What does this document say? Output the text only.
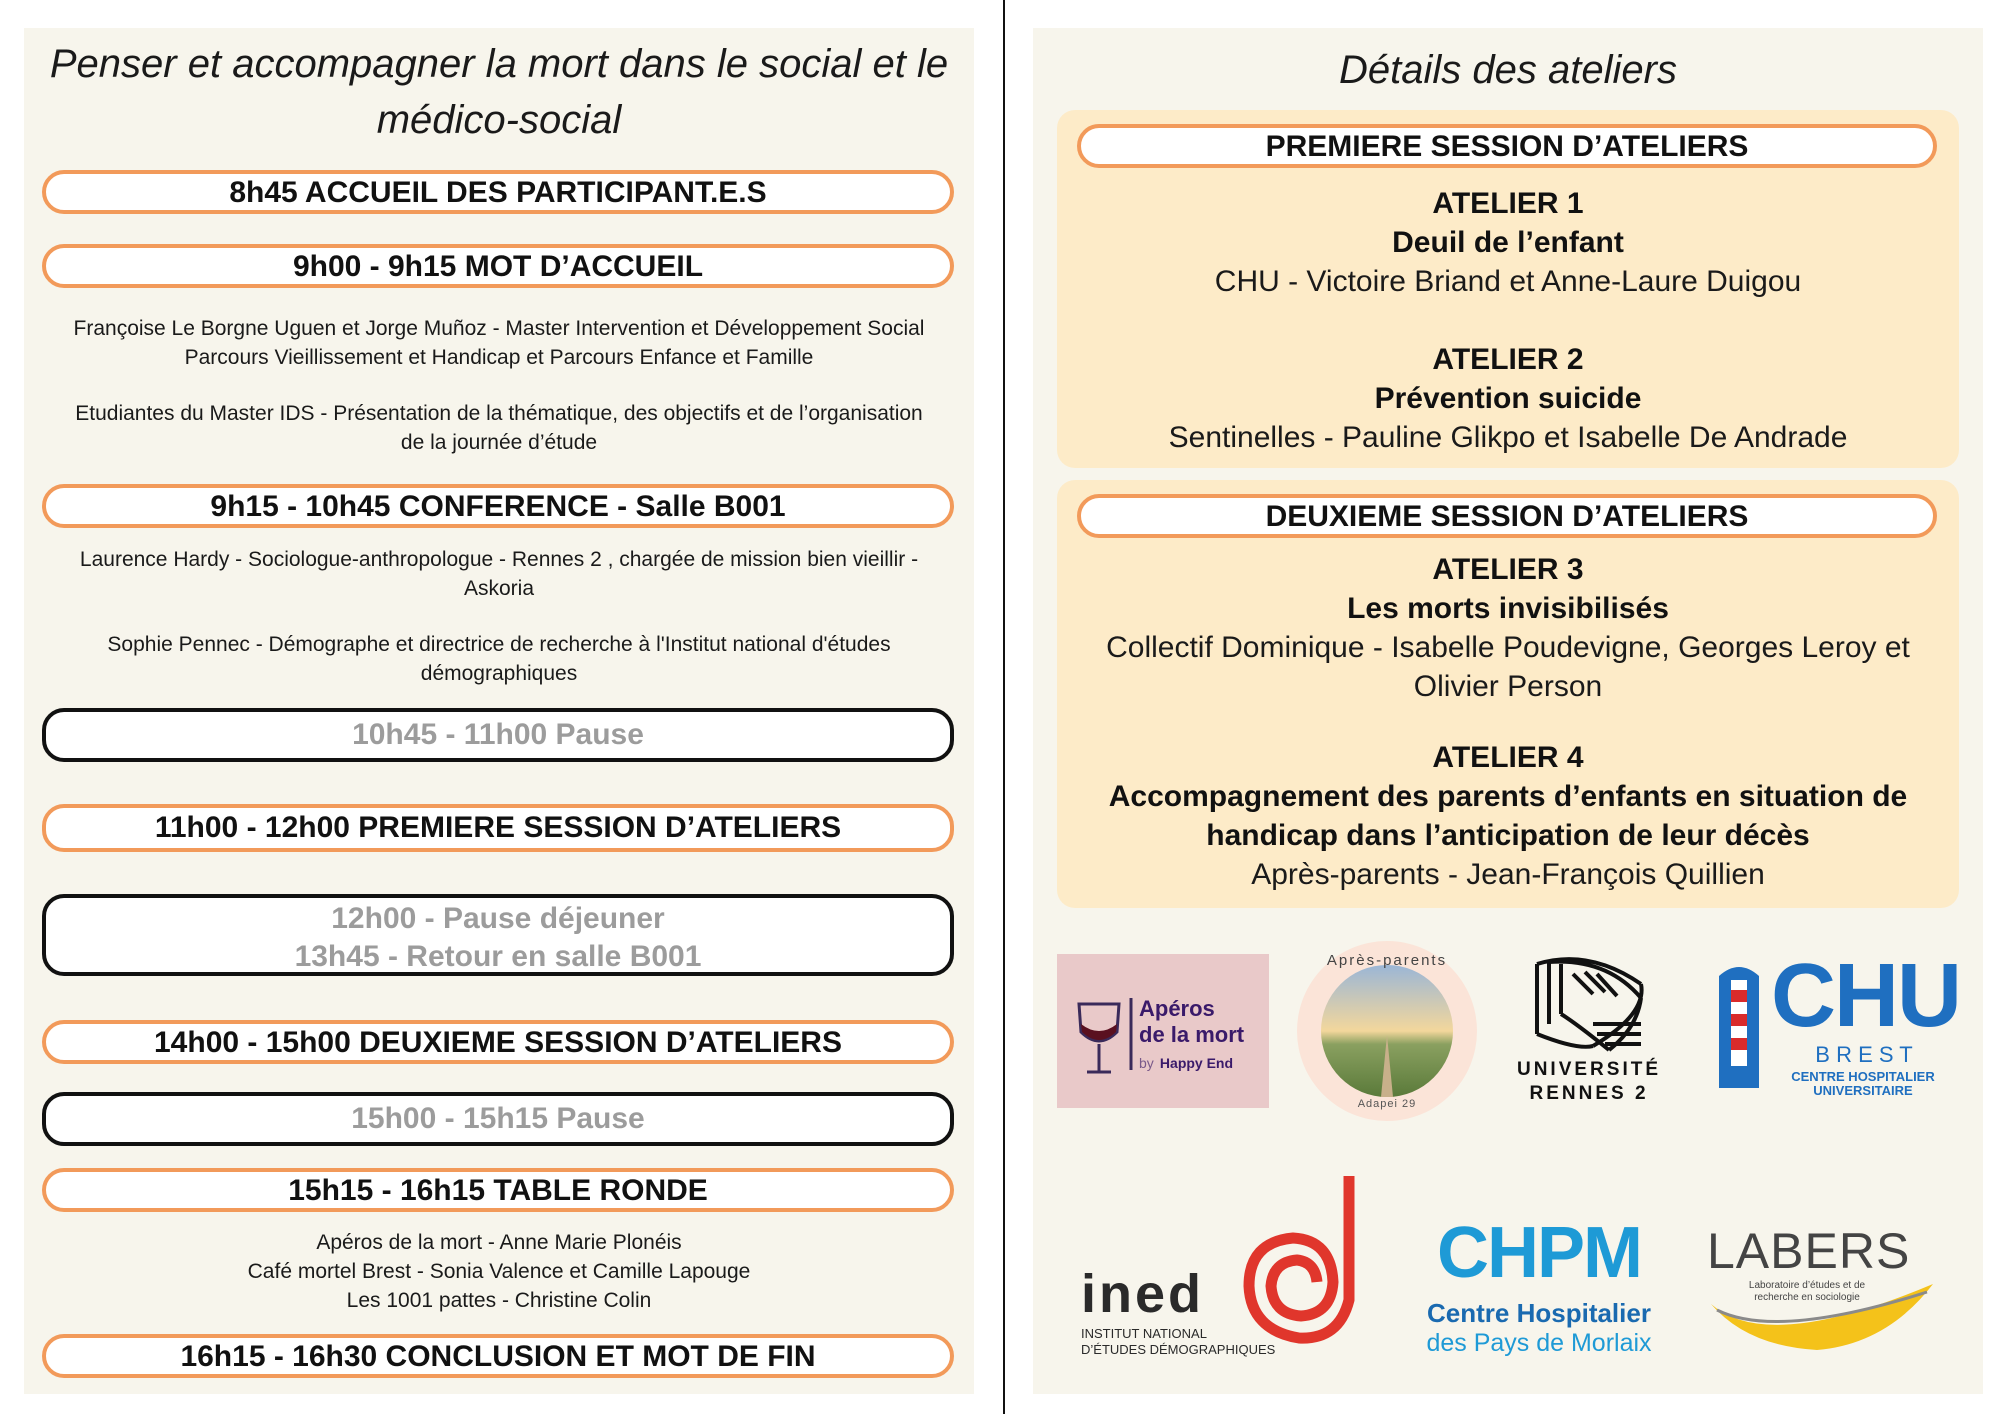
Penser et accompagner la mort dans le social et le médico-social
8h45 ACCUEIL DES PARTICIPANT.E.S
9h00 - 9h15 MOT D’ACCUEIL
Françoise Le Borgne Uguen et Jorge Muñoz - Master Intervention et Développement Social
Parcours Vieillissement et Handicap et Parcours Enfance et Famille
Etudiantes du Master IDS - Présentation de la thématique, des objectifs et de l’organisation
de la journée d’étude
9h15 - 10h45 CONFERENCE - Salle B001
Laurence Hardy - Sociologue-anthropologue - Rennes 2 , chargée de mission bien vieillir -
Askoria
Sophie Pennec - Démographe et directrice de recherche à l'Institut national d'études
démographiques
10h45 - 11h00 Pause
11h00 - 12h00 PREMIERE SESSION D’ATELIERS
12h00 - Pause déjeuner
13h45 - Retour en salle B001
14h00 - 15h00 DEUXIEME SESSION D’ATELIERS
15h00 - 15h15 Pause
15h15 - 16h15 TABLE RONDE
Apéros de la mort - Anne Marie Plonéis
Café mortel Brest - Sonia Valence et Camille Lapouge
Les 1001 pattes - Christine Colin
16h15 - 16h30 CONCLUSION ET MOT DE FIN
Détails des ateliers
PREMIERE SESSION D’ATELIERS
ATELIER 1
Deuil de l’enfant
CHU - Victoire Briand et Anne-Laure Duigou
ATELIER 2
Prévention suicide
Sentinelles - Pauline Glikpo et Isabelle De Andrade
DEUXIEME SESSION D’ATELIERS
ATELIER 3
Les morts invisibilisés
Collectif Dominique - Isabelle Poudevigne, Georges Leroy et
Olivier Person
ATELIER 4
Accompagnement des parents d’enfants en situation de
handicap dans l’anticipation de leur décès
Après-parents - Jean-François Quillien
Apéros
de la mort
by Happy End
Après-parents
Adapei 29
UNIVERSITÉ
RENNES 2
CHU
B R E S T
CENTRE HOSPITALIER
UNIVERSITAIRE
ined
INSTITUT NATIONAL
D’ÉTUDES DÉMOGRAPHIQUES
CHPM
Centre Hospitalier
des Pays de Morlaix
LABERS
Laboratoire d’études et de
recherche en sociologie
